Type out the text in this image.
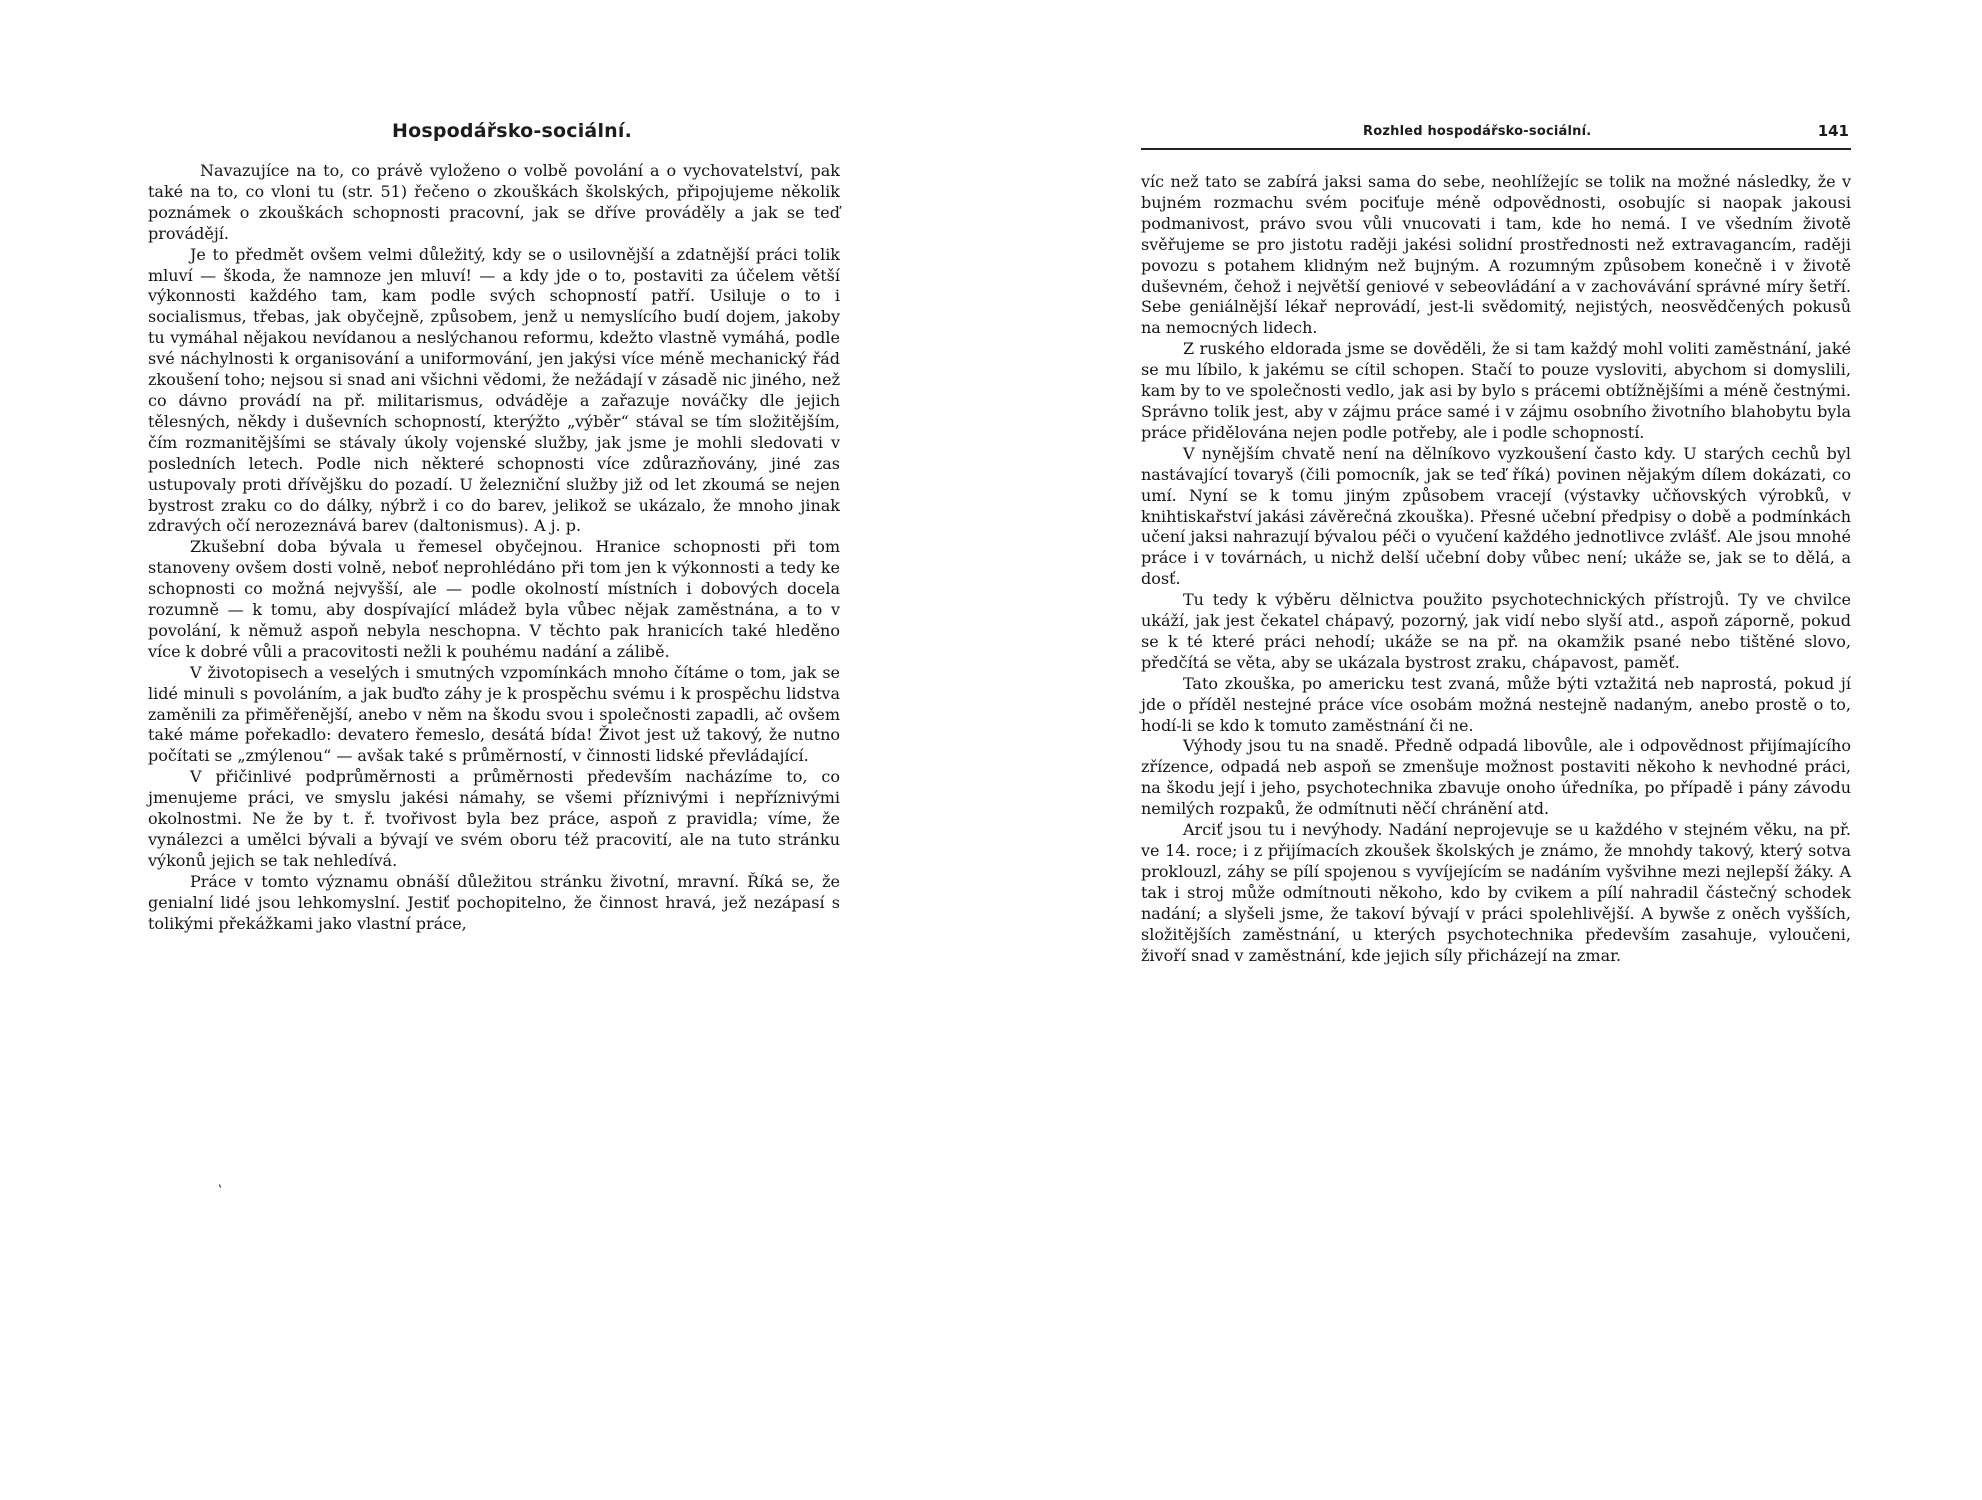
Hospodářsko-sociální.

Navazujíce na to, co právě vyloženo o volbě povolání a o vychovatelství, pak také na to, co vloni tu (str. 51) řečeno o zkouškách školských, připojujeme několik poznámek o zkouškách schopnosti pracovní, jak se dříve prováděly a jak se teď provádějí.

Je to předmět ovšem velmi důležitý, kdy se o usilovnější a zdatnější práci tolik mluví — škoda, že namnoze jen mluví! — a kdy jde o to, postaviti za účelem větší výkonnosti každého tam, kam podle svých schopností patří. Usiluje o to i socialismus, třebas, jak obyčejně, způsobem, jenž u nemyslícího budí dojem, jakoby tu vymáhal nějakou nevídanou a neslýchanou reformu, kdežto vlastně vymáhá, podle své náchylnosti k organisování a uniformování, jen jakýsi více méně mechanický řád zkoušení toho; nejsou si snad ani všichni vědomi, že nežádají v zásadě nic jiného, než co dávno provádí na př. militarismus, odváděje a zařazuje nováčky dle jejich tělesných, někdy i duševních schopností, kterýžto „výběr“ stával se tím složitějším, čím rozmanitějšími se stávaly úkoly vojenské služby, jak jsme je mohli sledovati v posledních letech. Podle nich některé schopnosti více zdůrazňovány, jiné zas ustupovaly proti dřívějšku do pozadí. U železniční služby již od let zkoumá se nejen bystrost zraku co do dálky, nýbrž i co do barev, jelikož se ukázalo, že mnoho jinak zdravých očí nerozeznává barev (daltonismus). A j. p.

Zkušební doba bývala u řemesel obyčejnou. Hranice schopnosti při tom stanoveny ovšem dosti volně, neboť neprohlédáno při tom jen k výkonnosti a tedy ke schopnosti co možná nejvyšší, ale — podle okolností místních i dobových docela rozumně — k tomu, aby dospívající mládež byla vůbec nějak zaměstnána, a to v povolání, k němuž aspoň nebyla neschopna. V těchto pak hranicích také hleděno více k dobré vůli a pracovitosti nežli k pouhému nadání a zálibě.

V životopisech a veselých i smutných vzpomínkách mnoho čítáme o tom, jak se lidé minuli s povoláním, a jak buďto záhy je k prospěchu svému i k prospěchu lidstva zaměnili za přiměřenější, anebo v něm na škodu svou i společnosti zapadli, ač ovšem také máme pořekadlo: devatero řemeslo, desátá bída! Život jest už takový, že nutno počítati se „zmýlenou“ — avšak také s průměrností, v činnosti lidské převládající.

V přičinlivé podprůměrnosti a průměrnosti především nacházíme to, co jmenujeme práci, ve smyslu jakési námahy, se všemi příznivými i nepříznivými okolnostmi. Ne že by t. ř. tvořivost byla bez práce, aspoň z pravidla; víme, že vynálezci a umělci bývali a bývají ve svém oboru též pracovití, ale na tuto stránku výkonů jejich se tak nehledívá.

Práce v tomto významu obnáší důležitou stránku životní, mravní. Říká se, že genialní lidé jsou lehkomyslní. Jestiť pochopitelno, že činnost hravá, jež nezápasí s tolikými překážkami jako vlastní práce,

‛
Rozhled hospodářsko-sociální.	141

víc než tato se zabírá jaksi sama do sebe, neohlížejíc se tolik na možné následky, že v bujném rozmachu svém pociťuje méně odpovědnosti, osobujíc si naopak jakousi podmanivost, právo svou vůli vnucovati i tam, kde ho nemá. I ve všedním životě svěřujeme se pro jistotu raději jakési solidní prostřednosti než extravagancím, raději povozu s potahem klidným než bujným. A rozumným způsobem konečně i v životě duševném, čehož i největší geniové v sebeovládání a v zachovávání správné míry šetří. Sebe geniálnější lékař neprovádí, jest-li svědomitý, nejistých, neosvědčených pokusů na nemocných lidech.

Z ruského eldorada jsme se dověděli, že si tam každý mohl voliti zaměstnání, jaké se mu líbilo, k jakému se cítil schopen. Stačí to pouze vysloviti, abychom si domyslili, kam by to ve společnosti vedlo, jak asi by bylo s prácemi obtížnějšími a méně čestnými. Správno tolik jest, aby v zájmu práce samé i v zájmu osobního životního blahobytu byla práce přidělována nejen podle potřeby, ale i podle schopností.

V nynějším chvatě není na dělníkovo vyzkoušení často kdy. U starých cechů byl nastávající tovaryš (čili pomocník, jak se teď říká) povinen nějakým dílem dokázati, co umí. Nyní se k tomu jiným způsobem vracejí (výstavky učňovských výrobků, v knihtiskařství jakási závěrečná zkouška). Přesné učební předpisy o době a podmínkách učení jaksi nahrazují bývalou péči o vyučení každého jednotlivce zvlášť. Ale jsou mnohé práce i v továrnách, u nichž delší učební doby vůbec není; ukáže se, jak se to dělá, a dosť.

Tu tedy k výběru dělnictva použito psychotechnických přístrojů. Ty ve chvilce ukáží, jak jest čekatel chápavý, pozorný, jak vidí nebo slyší atd., aspoň záporně, pokud se k té které práci nehodí; ukáže se na př. na okamžik psané nebo tištěné slovo, předčítá se věta, aby se ukázala bystrost zraku, chápavost, paměť.

Tato zkouška, po americku test zvaná, může býti vztažitá neb naprostá, pokud jí jde o příděl nestejné práce více osobám možná nestejně nadaným, anebo prostě o to, hodí-li se kdo k tomuto zaměstnání či ne.

Výhody jsou tu na snadě. Předně odpadá libovůle, ale i odpovědnost přijímajícího zřízence, odpadá neb aspoň se zmenšuje možnost postaviti někoho k nevhodné práci, na škodu její i jeho, psychotechnika zbavuje onoho úředníka, po případě i pány závodu nemilých rozpaků, že odmítnuti něčí chránění atd.

Arciť jsou tu i nevýhody. Nadání neprojevuje se u každého v stejném věku, na př. ve 14. roce; i z přijímacích zkoušek školských je známo, že mnohdy takový, který sotva proklouzl, záhy se pílí spojenou s vyvíjejícím se nadáním vyšvihne mezi nejlepší žáky. A tak i stroj může odmítnouti někoho, kdo by cvikem a pílí nahradil částečný schodek nadání; a slyšeli jsme, že takoví bývají v práci spolehlivější. A bywše z oněch vyšších, složitějších zaměstnání, u kterých psychotechnika především zasahuje, vyloučeni, živoří snad v zaměstnání, kde jejich síly přicházejí na zmar.
